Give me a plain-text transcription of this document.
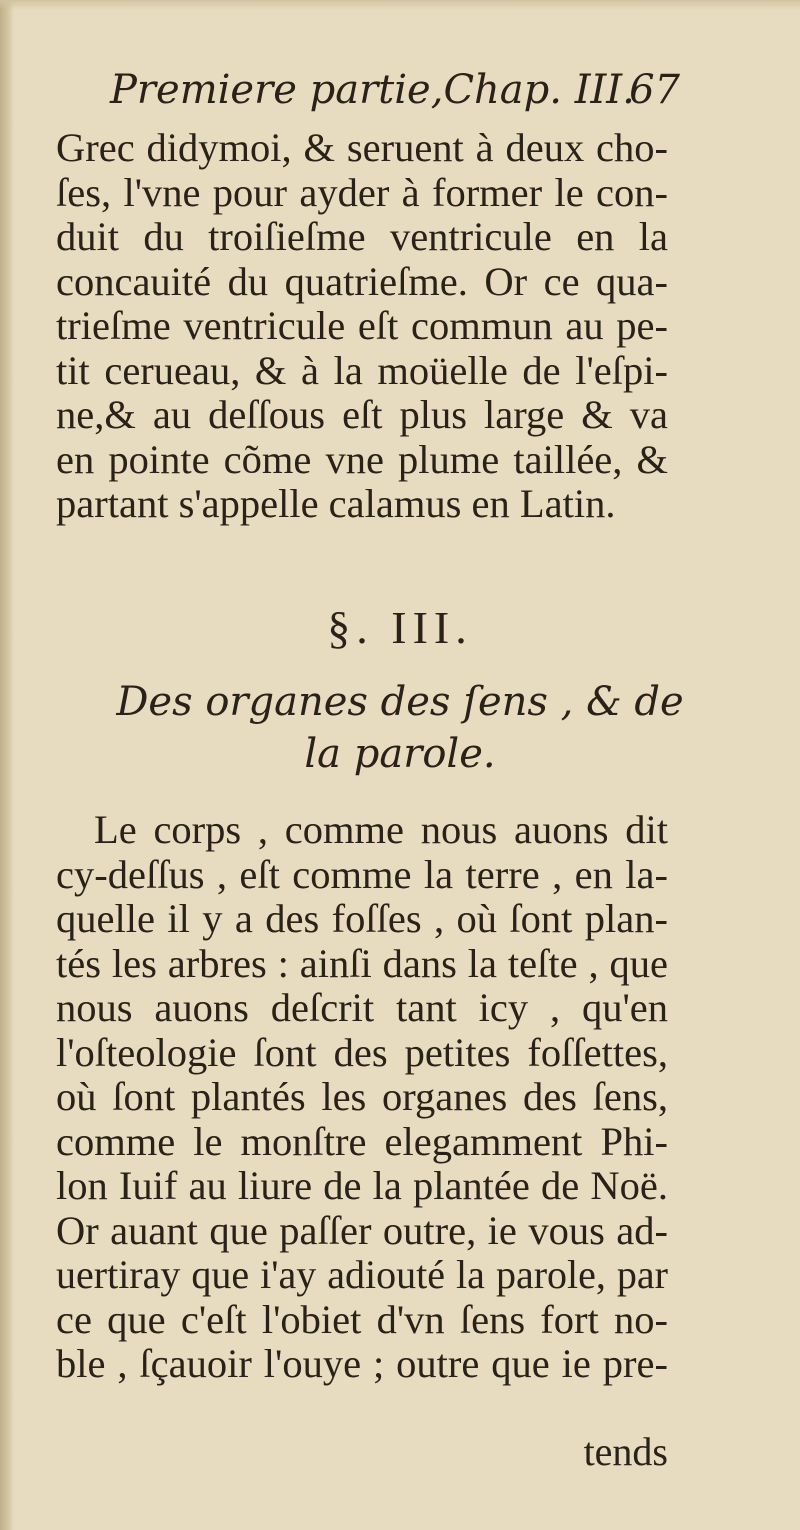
Premiere partie,Chap. III.
67
Grec didymoi, & seruent à deux cho-
ſes, l'vne pour ayder à former le con-
duit du troiſieſme ventricule en la
concauité du quatrieſme. Or ce qua-
trieſme ventricule eſt commun au pe-
tit cerueau, & à la moüelle de l'eſpi-
ne,& au deſſous eſt plus large & va
en pointe cõme vne plume taillée, &
partant s'appelle calamus en Latin.
§. III.
Des organes des ſens , & de
la parole.
Le corps , comme nous auons dit
cy-deſſus , eſt comme la terre , en la-
quelle il y a des foſſes , où ſont plan-
tés les arbres : ainſi dans la teſte , que
nous auons deſcrit tant icy , qu'en
l'oſteologie ſont des petites foſſettes,
où ſont plantés les organes des ſens,
comme le monſtre elegamment Phi-
lon Iuif au liure de la plantée de Noë.
Or auant que paſſer outre, ie vous ad-
uertiray que i'ay adiouté la parole, par
ce que c'eſt l'obiet d'vn ſens fort no-
ble , ſçauoir l'ouye ; outre que ie pre-
tends
